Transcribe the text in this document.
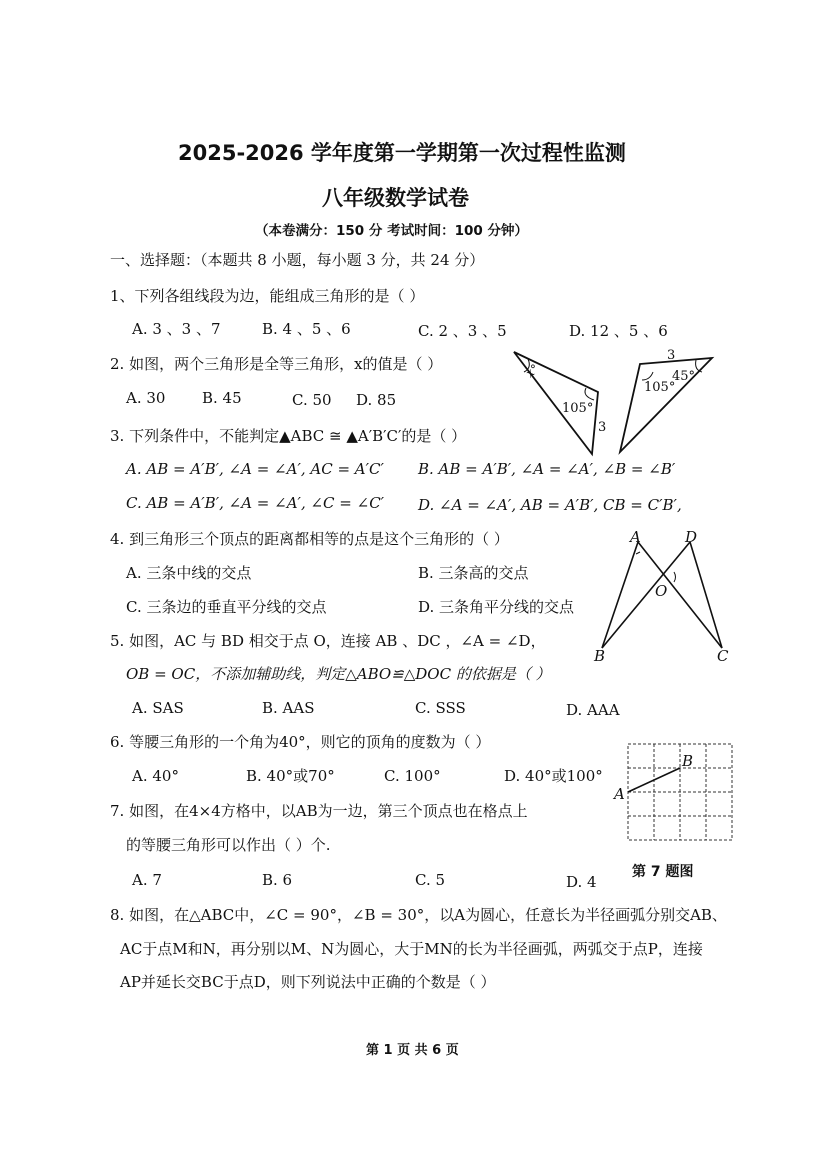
2025-2026 学年度第一学期第一次过程性监测
八年级数学试卷
（本卷满分：150 分 考试时间：100 分钟）
一、选择题：（本题共 8 小题，每小题 3 分，共 24 分）
1、下列各组线段为边，能组成三角形的是（ ）
A. 3 、3 、7	B. 4 、5 、6	C. 2 、3 、5	D. 12 、5 、6
2. 如图，两个三角形是全等三角形，x的值是（ ）
A. 30 B. 45	C. 50 D. 85
x°
105°
3
3
105°
45°
3. 下列条件中，不能判定▲ABC ≅ ▲A′B′C′的是（ ）
A. AB = A′B′, ∠A = ∠A′, AC = A′C′ B. AB = A′B′, ∠A = ∠A′, ∠B = ∠B′
C. AB = A′B′, ∠A = ∠A′, ∠C = ∠C′ D. ∠A = ∠A′, AB = A′B′, CB = C′B′,
4. 到三角形三个顶点的距离都相等的点是这个三角形的（ ）
A. 三条中线的交点	B. 三条高的交点
C. 三条边的垂直平分线的交点	D. 三条角平分线的交点
A	D
O
B	C
5. 如图，AC 与 BD 相交于点 O，连接 AB 、DC ，∠A = ∠D，
OB = OC，不添加辅助线，判定△ABO≌△DOC 的依据是（ ）
A. SAS	B. AAS	C. SSS	D. AAA
6. 等腰三角形的一个角为40°，则它的顶角的度数为（ ）
A. 40°	B. 40°或70°	C. 100°	D. 40°或100°
A
B
7. 如图，在4×4方格中，以AB为一边，第三个顶点也在格点上
的等腰三角形可以作出（ ）个.
第 7 题图
A. 7	B. 6	C. 5	D. 4
8. 如图，在△ABC中，∠C = 90°，∠B = 30°，以A为圆心，任意长为半径画弧分别交AB、
AC于点M和N，再分别以M、N为圆心，大于MN的长为半径画弧，两弧交于点P，连接
AP并延长交BC于点D，则下列说法中正确的个数是（ ）
第 1 页 共 6 页
